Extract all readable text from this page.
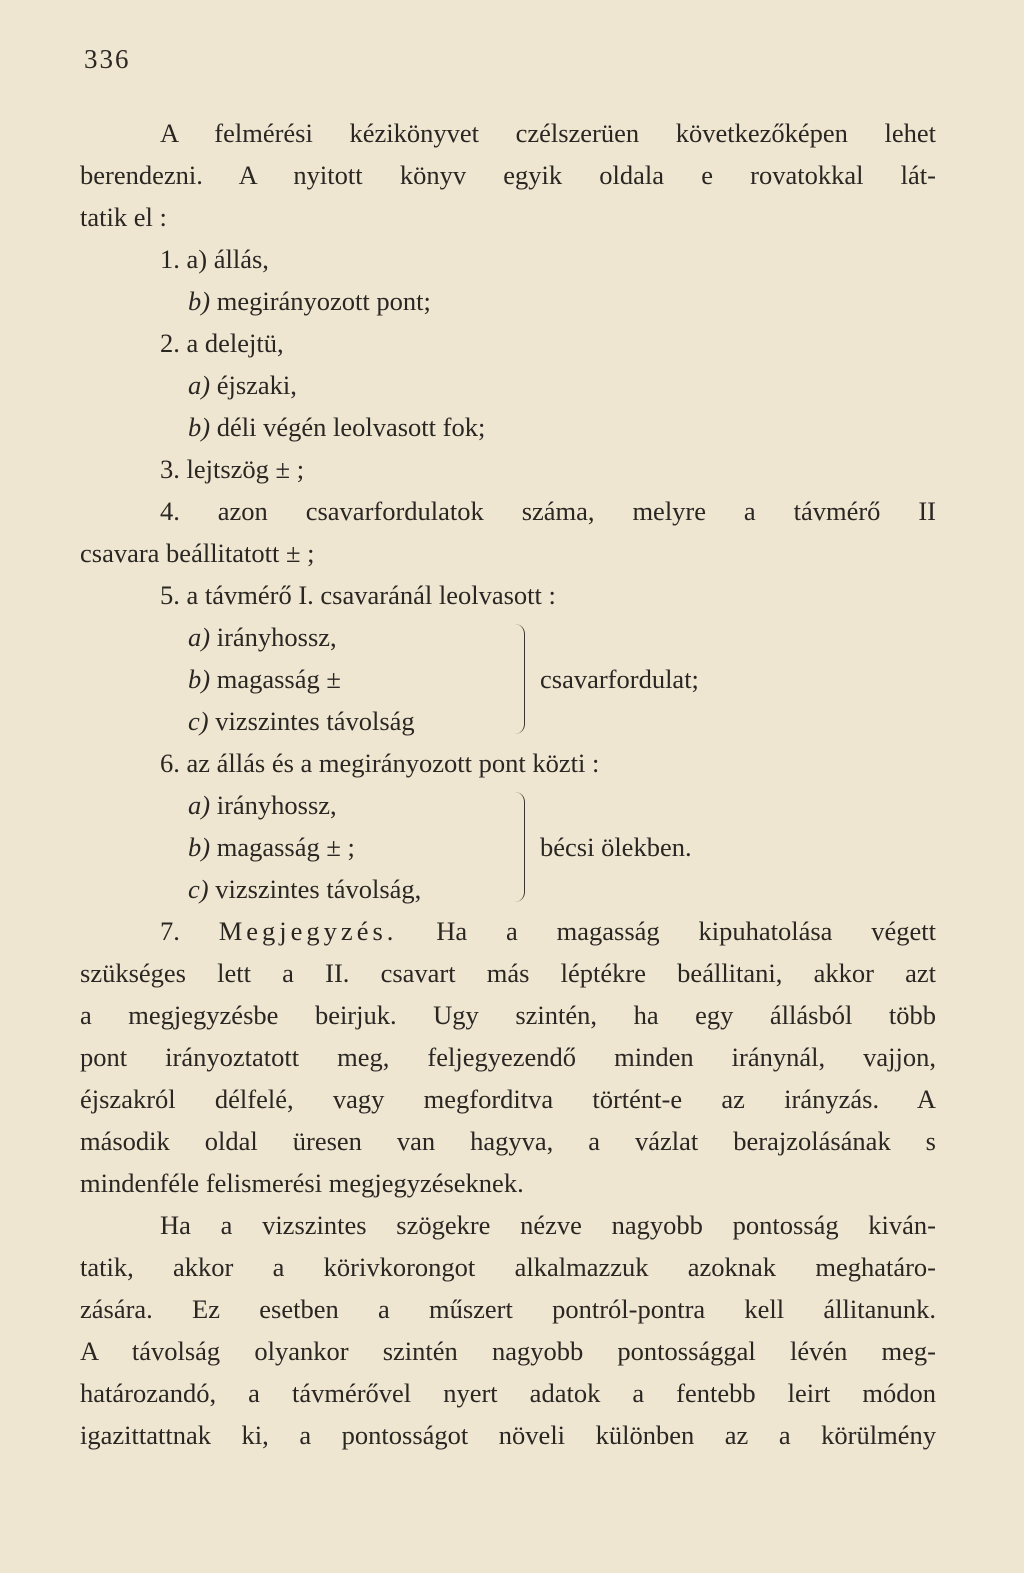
336
A felmérési kézikönyvet czélszerüen következőképen lehet
berendezni. A nyitott könyv egyik oldala e rovatokkal lát-
tatik el :
1. a) állás,
b) megirányozott pont;
2. a delejtü,
a) éjszaki,
b) déli végén leolvasott fok;
3. lejtszög ± ;
4. azon csavarfordulatok száma, melyre a távmérő II
csavara beállitatott ± ;
5. a távmérő I. csavaránál leolvasott :
a) irányhossz,
b) magasság ±
c) vizszintes távolság
csavarfordulat;
6. az állás és a megirányozott pont közti :
a) irányhossz,
b) magasság ± ;
c) vizszintes távolság,
bécsi ölekben.
7. Megjegyzés. Ha a magasság kipuhatolása végett
szükséges lett a II. csavart más léptékre beállitani, akkor azt
a megjegyzésbe beirjuk. Ugy szintén, ha egy állásból több
pont irányoztatott meg, feljegyezendő minden iránynál, vajjon,
éjszakról délfelé, vagy megforditva történt-e az irányzás. A
második oldal üresen van hagyva, a vázlat berajzolásának s
mindenféle felismerési megjegyzéseknek.
Ha a vizszintes szögekre nézve nagyobb pontosság kiván-
tatik, akkor a körivkorongot alkalmazzuk azoknak meghatáro-
zására. Ez esetben a műszert pontról-pontra kell állitanunk.
A távolság olyankor szintén nagyobb pontossággal lévén meg-
határozandó, a távmérővel nyert adatok a fentebb leirt módon
igazittattnak ki, a pontosságot növeli különben az a körülmény
